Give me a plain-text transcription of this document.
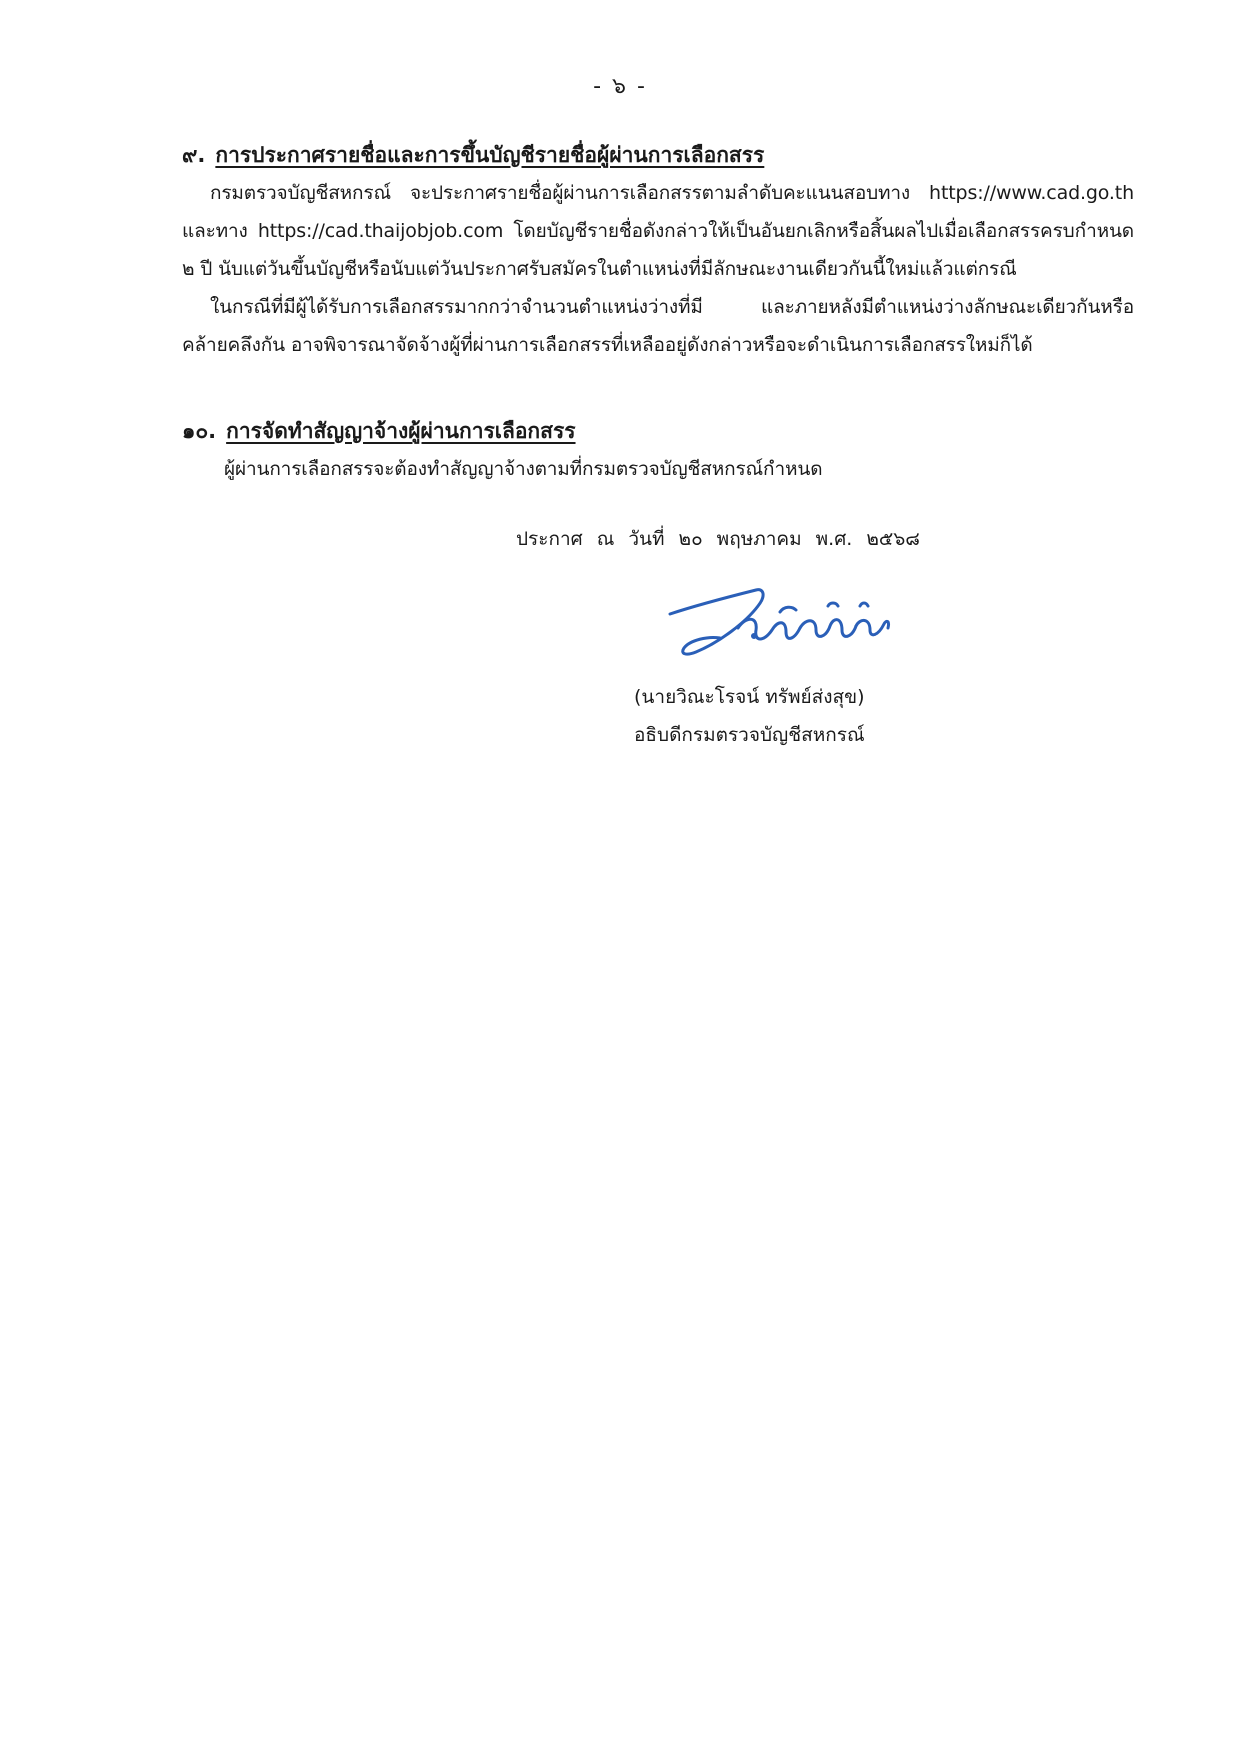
- ๖ -
๙. การประกาศรายชื่อและการขึ้นบัญชีรายชื่อผู้ผ่านการเลือกสรร

กรมตรวจบัญชีสหกรณ์ จะประกาศรายชื่อผู้ผ่านการเลือกสรรตามลำดับคะแนนสอบทาง https://www.cad.go.th และทาง https://cad.thaijobjob.com โดยบัญชีรายชื่อดังกล่าวให้เป็นอันยกเลิกหรือสิ้นผลไปเมื่อเลือกสรรครบกำหนด ๒ ปี นับแต่วันขึ้นบัญชีหรือนับแต่วันประกาศรับสมัครในตำแหน่งที่มีลักษณะงานเดียวกันนี้ใหม่แล้วแต่กรณี

ในกรณีที่มีผู้ได้รับการเลือกสรรมากกว่าจำนวนตำแหน่งว่างที่มี และภายหลังมีตำแหน่งว่างลักษณะเดียวกันหรือคล้ายคลึงกัน อาจพิจารณาจัดจ้างผู้ที่ผ่านการเลือกสรรที่เหลืออยู่ดังกล่าวหรือจะดำเนินการเลือกสรรใหม่ก็ได้

๑๐. การจัดทำสัญญาจ้างผู้ผ่านการเลือกสรร

ผู้ผ่านการเลือกสรรจะต้องทำสัญญาจ้างตามที่กรมตรวจบัญชีสหกรณ์กำหนด

ประกาศ ณ วันที่ ๒๐ พฤษภาคม พ.ศ. ๒๕๖๘
(นายวิณะโรจน์ ทรัพย์ส่งสุข)
อธิบดีกรมตรวจบัญชีสหกรณ์
